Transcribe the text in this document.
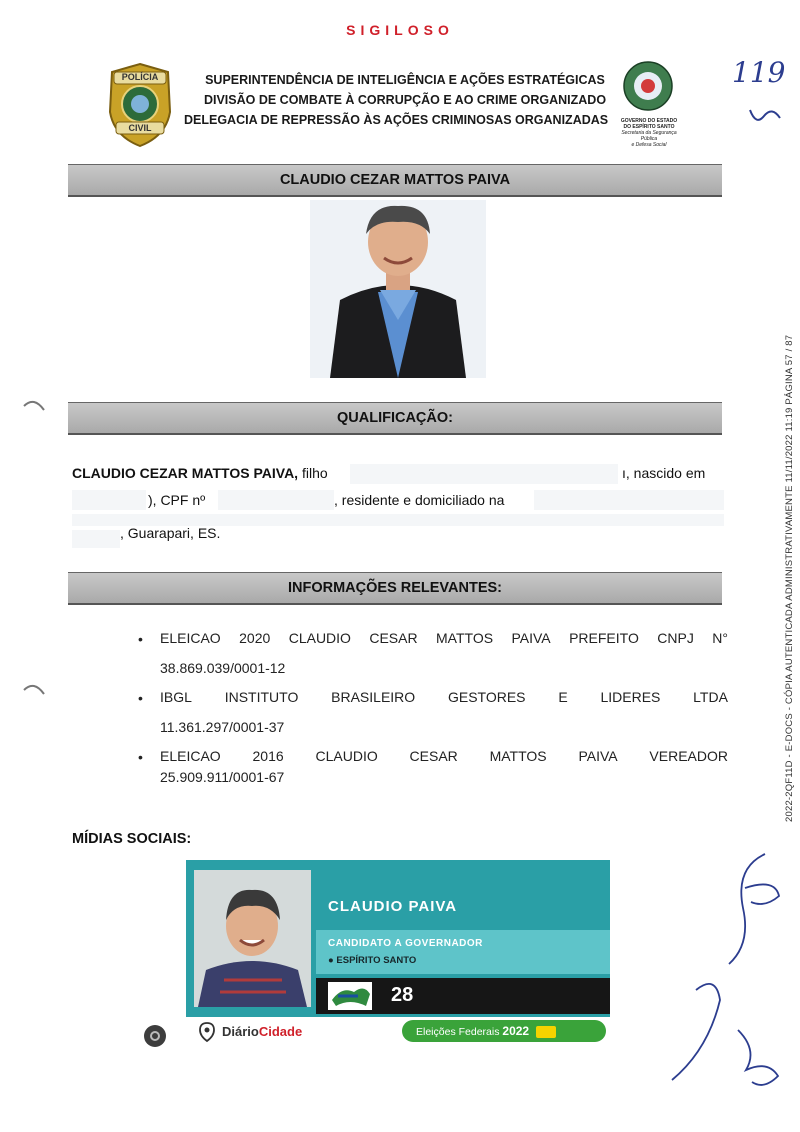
SIGILOSO
POLÍCIA
CIVIL
SUPERINTENDÊNCIA DE INTELIGÊNCIA E AÇÕES ESTRATÉGICAS
DIVISÃO DE COMBATE À CORRUPÇÃO E AO CRIME ORGANIZADO
DELEGACIA DE REPRESSÃO ÀS AÇÕES CRIMINOSAS ORGANIZADAS	GOVERNO DO ESTADO
DO ESPÍRITO SANTO
Secretaria da Segurança Pública
e Defesa Social
119
CLAUDIO CEZAR MATTOS PAIVA
QUALIFICAÇÃO:
CLAUDIO CEZAR MATTOS PAIVA, filho	ı, nascido em
), CPF nº	, residente e domiciliado na
, Guarapari, ES.
INFORMAÇÕES RELEVANTES:
• ELEICAO 2020 CLAUDIO CESAR MATTOS PAIVA PREFEITO CNPJ N°
38.869.039/0001-12
• IBGL INSTITUTO BRASILEIRO GESTORES E LIDERES LTDA
11.361.297/0001-37
• ELEICAO 2016 CLAUDIO CESAR MATTOS PAIVA VEREADOR
25.909.911/0001-67
MÍDIAS SOCIAIS:
CLAUDIO PAIVA
CANDIDATO A GOVERNADOR
● ESPÍRITO SANTO
28
DiárioCidade	Eleições Federais 2022
2022-2QF11D - E-DOCS - CÓPIA AUTENTICADA ADMINISTRATIVAMENTE 11/11/2022 11:19 PÁGINA 57 / 87
